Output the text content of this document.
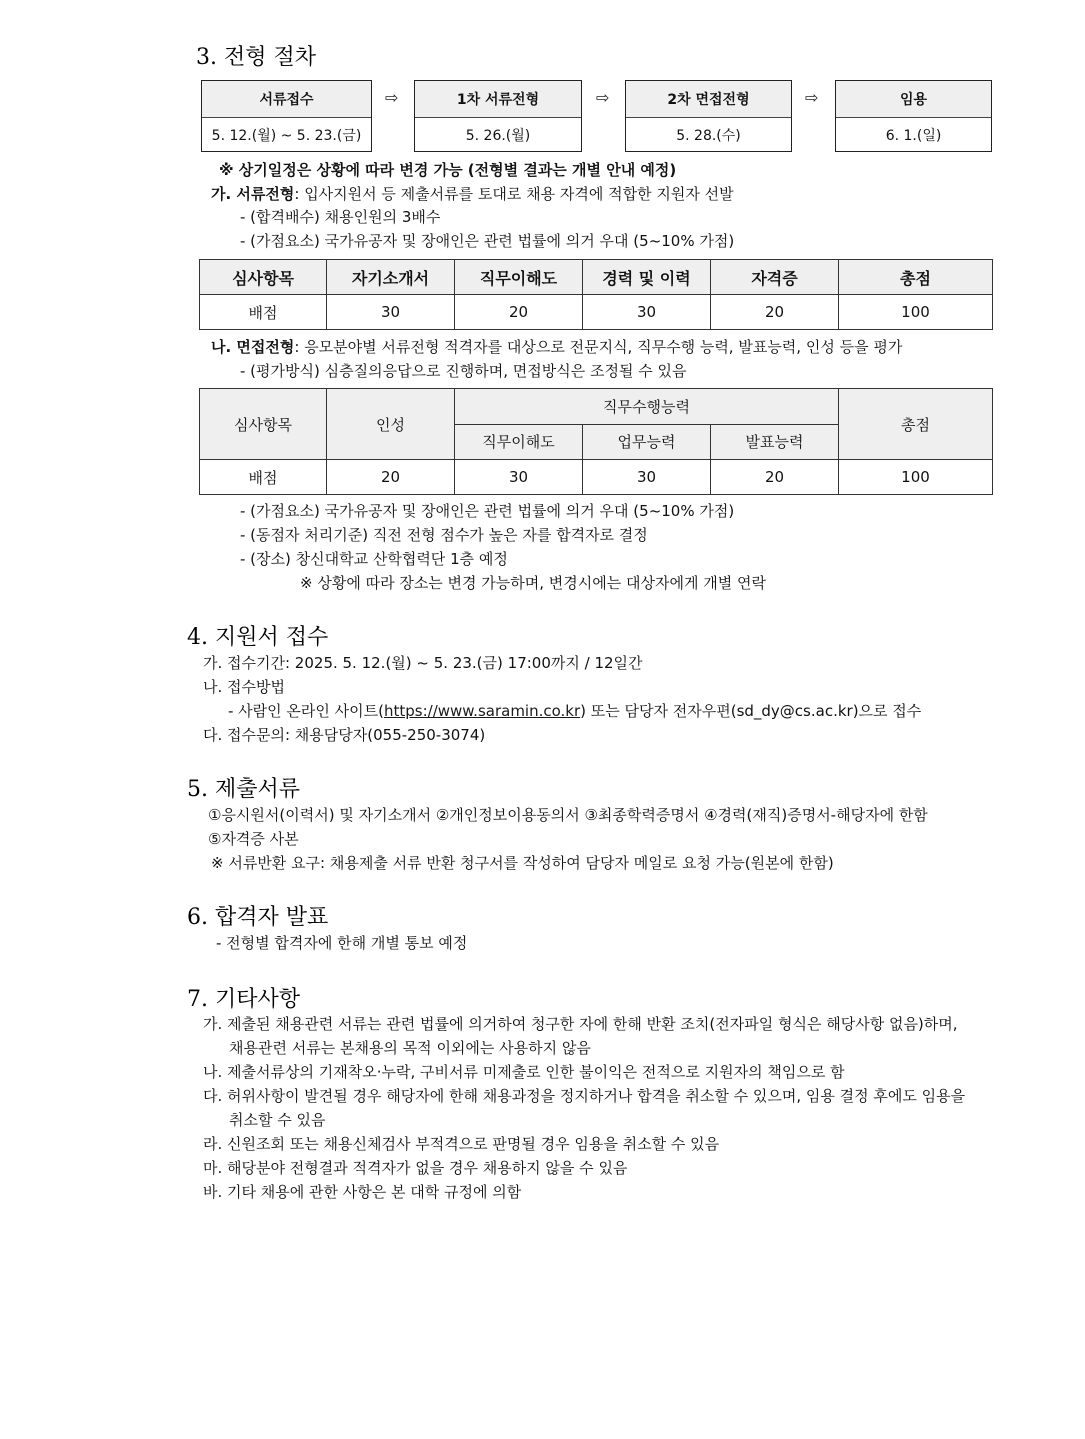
3. 전형 절차
서류접수
5. 12.(월) ~ 5. 23.(금)
⇨	1차 서류전형
5. 26.(월)
⇨	2차 면접전형
5. 28.(수)
⇨	임용
6. 1.(일)
※ 상기일정은 상황에 따라 변경 가능 (전형별 결과는 개별 안내 예정)
가. 서류전형: 입사지원서 등 제출서류를 토대로 채용 자격에 적합한 지원자 선발
- (합격배수) 채용인원의 3배수
- (가점요소) 국가유공자 및 장애인은 관련 법률에 의거 우대 (5~10% 가점)
심사항목	자기소개서	직무이해도	경력 및 이력	자격증	총점
배점	30	20	30	20	100
나. 면접전형: 응모분야별 서류전형 적격자를 대상으로 전문지식, 직무수행 능력, 발표능력, 인성 등을 평가
- (평가방식) 심층질의응답으로 진행하며, 면접방식은 조정될 수 있음
심사항목	인성	직무수행능력			총점
		직무이해도	업무능력	발표능력	
배점	20	30	30	20	100
- (가점요소) 국가유공자 및 장애인은 관련 법률에 의거 우대 (5~10% 가점)
- (동점자 처리기준) 직전 전형 점수가 높은 자를 합격자로 결정
- (장소) 창신대학교 산학협력단 1층 예정
※ 상황에 따라 장소는 변경 가능하며, 변경시에는 대상자에게 개별 연락
4. 지원서 접수
가. 접수기간: 2025. 5. 12.(월) ~ 5. 23.(금) 17:00까지 / 12일간
나. 접수방법
- 사람인 온라인 사이트(https://www.saramin.co.kr) 또는 담당자 전자우편(sd_dy@cs.ac.kr)으로 접수
다. 접수문의: 채용담당자(055-250-3074)
5. 제출서류
①응시원서(이력서) 및 자기소개서 ②개인정보이용동의서 ③최종학력증명서 ④경력(재직)증명서-해당자에 한함
⑤자격증 사본
※ 서류반환 요구: 채용제출 서류 반환 청구서를 작성하여 담당자 메일로 요청 가능(원본에 한함)
6. 합격자 발표
- 전형별 합격자에 한해 개별 통보 예정
7. 기타사항
가. 제출된 채용관련 서류는 관련 법률에 의거하여 청구한 자에 한해 반환 조치(전자파일 형식은 해당사항 없음)하며,
채용관련 서류는 본채용의 목적 이외에는 사용하지 않음
나. 제출서류상의 기재착오·누락, 구비서류 미제출로 인한 불이익은 전적으로 지원자의 책임으로 함
다. 허위사항이 발견될 경우 해당자에 한해 채용과정을 정지하거나 합격을 취소할 수 있으며, 임용 결정 후에도 임용을
취소할 수 있음
라. 신원조회 또는 채용신체검사 부적격으로 판명될 경우 임용을 취소할 수 있음
마. 해당분야 전형결과 적격자가 없을 경우 채용하지 않을 수 있음
바. 기타 채용에 관한 사항은 본 대학 규정에 의함
